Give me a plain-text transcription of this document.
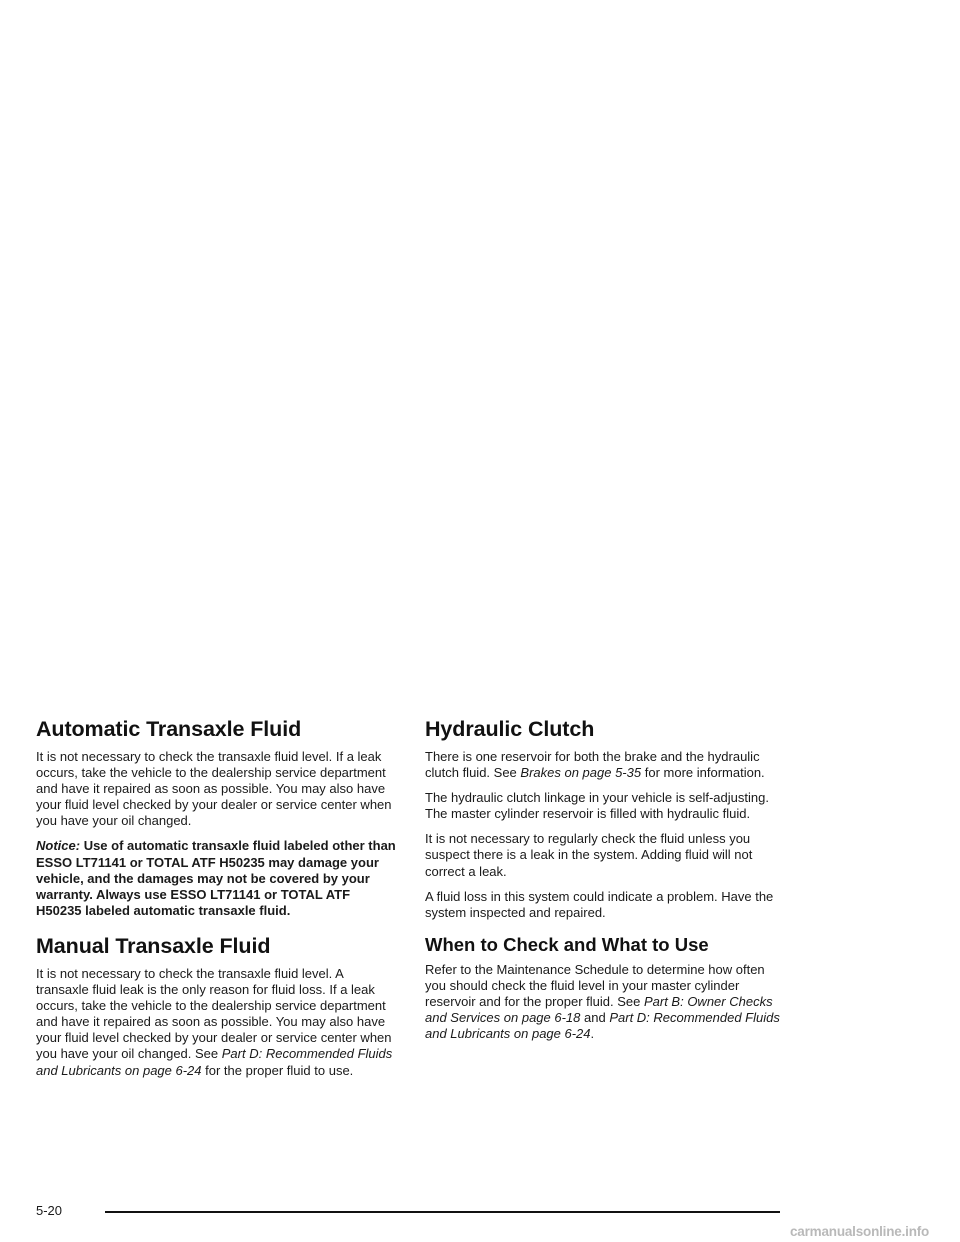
Automatic Transaxle Fluid

It is not necessary to check the transaxle fluid level. If a leak occurs, take the vehicle to the dealership service department and have it repaired as soon as possible. You may also have your fluid level checked by your dealer or service center when you have your oil changed.

Notice: Use of automatic transaxle fluid labeled other than ESSO LT71141 or TOTAL ATF H50235 may damage your vehicle, and the damages may not be covered by your warranty. Always use ESSO LT71141 or TOTAL ATF H50235 labeled automatic transaxle fluid.

Manual Transaxle Fluid

It is not necessary to check the transaxle fluid level. A transaxle fluid leak is the only reason for fluid loss. If a leak occurs, take the vehicle to the dealership service department and have it repaired as soon as possible. You may also have your fluid level checked by your dealer or service center when you have your oil changed. See Part D: Recommended Fluids and Lubricants on page 6-24 for the proper fluid to use.

Hydraulic Clutch

There is one reservoir for both the brake and the hydraulic clutch fluid. See Brakes on page 5-35 for more information.

The hydraulic clutch linkage in your vehicle is self-adjusting. The master cylinder reservoir is filled with hydraulic fluid.

It is not necessary to regularly check the fluid unless you suspect there is a leak in the system. Adding fluid will not correct a leak.

A fluid loss in this system could indicate a problem. Have the system inspected and repaired.

When to Check and What to Use

Refer to the Maintenance Schedule to determine how often you should check the fluid level in your master cylinder reservoir and for the proper fluid. See Part B: Owner Checks and Services on page 6-18 and Part D: Recommended Fluids and Lubricants on page 6-24.

5-20
carmanualsonline.info
